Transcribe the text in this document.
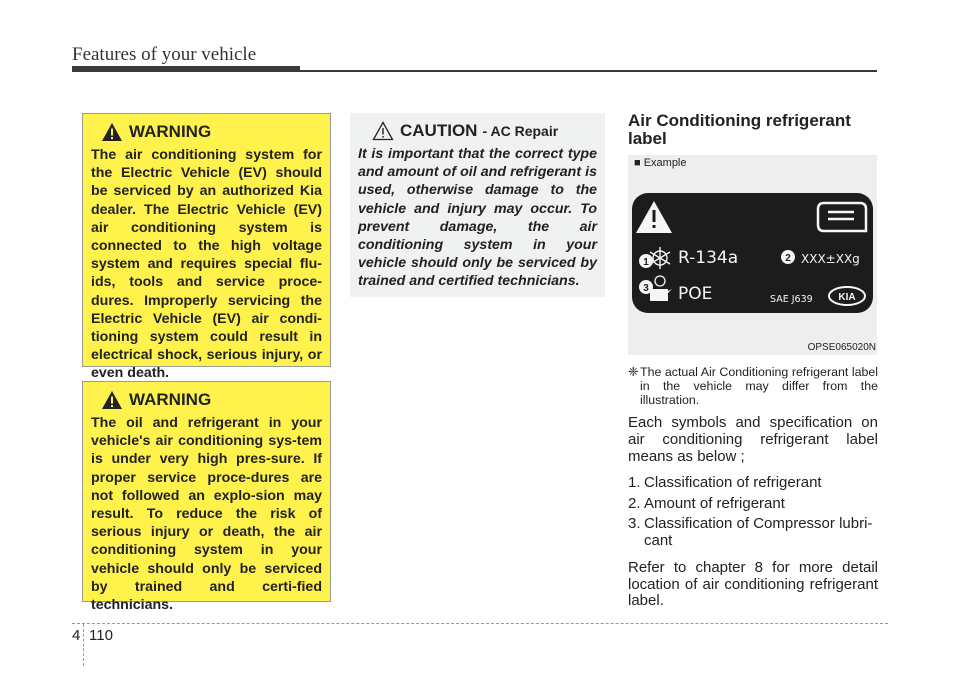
Features of your vehicle
WARNING
The air conditioning system for the Electric Vehicle (EV) should be serviced by an authorized Kia dealer. The Electric Vehicle (EV) air conditioning system is connected to the high voltage system and requires special flu-ids, tools and service proce-dures. Improperly servicing the Electric Vehicle (EV) air condi-tioning system could result in electrical shock, serious injury, or even death.
WARNING
The oil and refrigerant in your vehicle's air conditioning sys-tem is under very high pres-sure. If proper service proce-dures are not followed an explo-sion may result. To reduce the risk of serious injury or death, the air conditioning system in your vehicle should only be serviced by trained and certi-fied technicians.
CAUTION - AC Repair
It is important that the correct type and amount of oil and refrigerant is used, otherwise damage to the vehicle and injury may occur. To prevent damage, the air conditioning system in your vehicle should only be serviced by trained and certified technicians.
Air Conditioning refrigerant label
1	2
3
R-134a	XXX±XXg
POE	SAE J639	KIA
■ Example
OPSE065020N
❈ The actual Air Conditioning refrigerant label in the vehicle may differ from the illustration.
Each symbols and specification on air conditioning refrigerant label means as below ;
1. Classification of refrigerant
2. Amount of refrigerant
3. Classification of Compressor lubri-cant
Refer to chapter 8 for more detail location of air conditioning refrigerant label.
4 110
